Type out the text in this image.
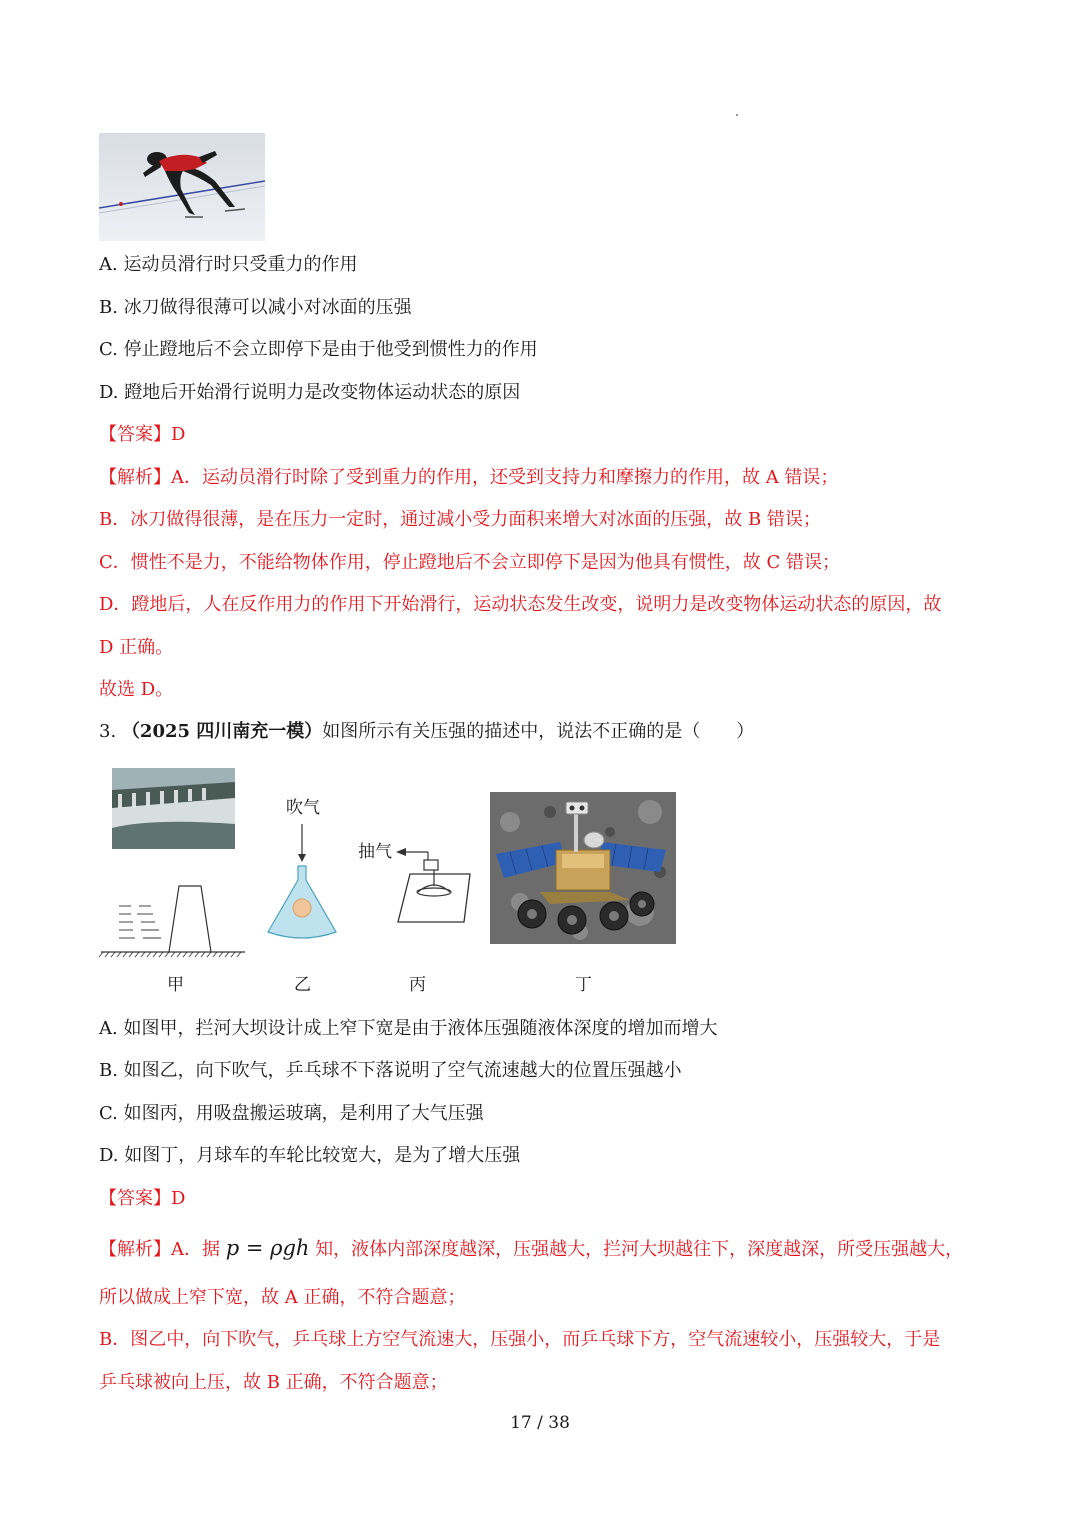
A. 运动员滑行时只受重力的作用
B. 冰刀做得很薄可以减小对冰面的压强
C. 停止蹬地后不会立即停下是由于他受到惯性力的作用
D. 蹬地后开始滑行说明力是改变物体运动状态的原因
【答案】D
【解析】A．运动员滑行时除了受到重力的作用，还受到支持力和摩擦力的作用，故 A 错误；
B．冰刀做得很薄，是在压力一定时，通过减小受力面积来增大对冰面的压强，故 B 错误；
C．惯性不是力，不能给物体作用，停止蹬地后不会立即停下是因为他具有惯性，故 C 错误；
D．蹬地后，人在反作用力的作用下开始滑行，运动状态发生改变，说明力是改变物体运动状态的原因，故
D 正确。
故选 D。
3. （2025 四川南充一模）如图所示有关压强的描述中，说法不正确的是（　　）
吹气
抽气
甲	乙	丙	丁
A. 如图甲，拦河大坝设计成上窄下宽是由于液体压强随液体深度的增加而增大
B. 如图乙，向下吹气，乒乓球不下落说明了空气流速越大的位置压强越小
C. 如图丙，用吸盘搬运玻璃，是利用了大气压强
D. 如图丁，月球车的车轮比较宽大，是为了增大压强
【答案】D
【解析】A．据 p = ρgh 知，液体内部深度越深，压强越大，拦河大坝越往下，深度越深，所受压强越大，
所以做成上窄下宽，故 A 正确，不符合题意；
B．图乙中，向下吹气，乒乓球上方空气流速大，压强小，而乒乓球下方，空气流速较小，压强较大，于是
乒乓球被向上压，故 B 正确，不符合题意；
17 / 38
